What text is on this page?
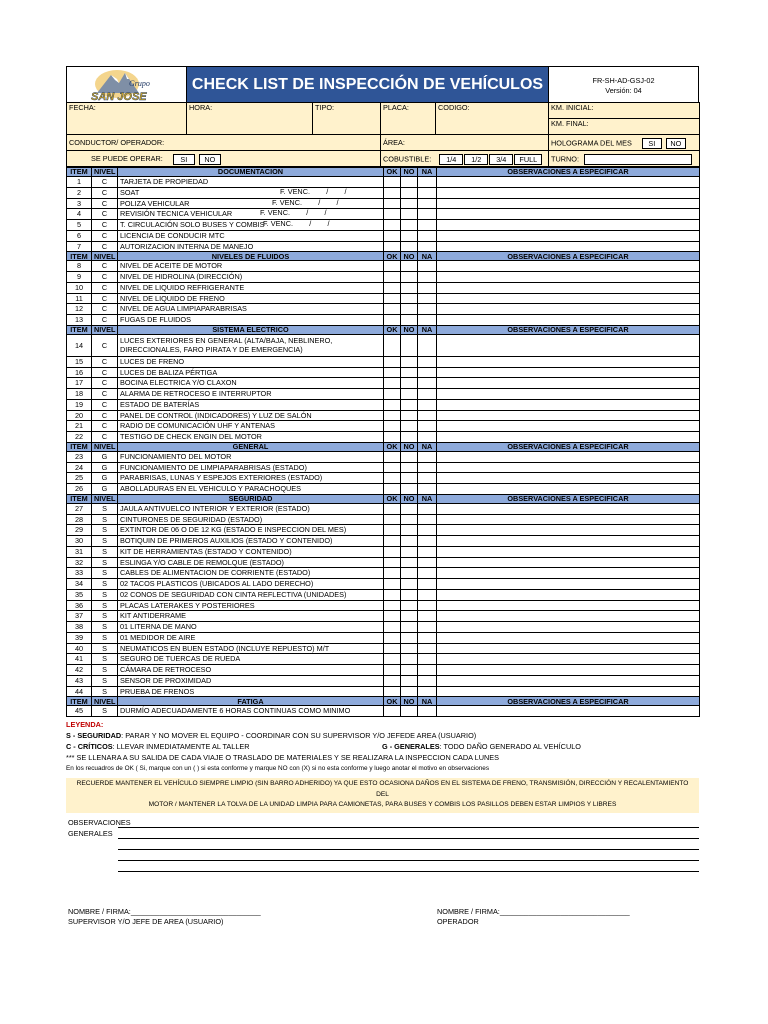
Grupo
SAN JOSE
CHECK LIST DE INSPECCIÓN DE VEHÍCULOS	FR-SH-AD-GSJ-02
Versión: 04
FECHA:	HORA:	TIPO:	PLACA:	CODIGO:	KM. INICIAL:
					KM. FINAL:
CONDUCTOR/ OPERADOR:			ÁREA:		HOLOGRAMA DEL MES SI NO
SE PUEDE OPERAR: SI NO			COBUSTIBLE: 1/4 1/2 3/4 FULL		TURNO:
ITEM	NIVEL	DOCUMENTACION	OK	NO	NA	OBSERVACIONES A ESPECIFICAR
1	C	TARJETA DE PROPIEDAD				
2	C	SOAT F. VENC.        /        /				

3	C	POLIZA VEHICULAR F. VENC.        /        /				

4	C	REVISIÓN TECNICA VEHICULAR F. VENC.        /        /				

5	C	T. CIRCULACIÓN SOLO BUSES Y COMBIS
F. VENC.        /        /				

6	C	LICENCIA DE CONDUCIR MTC				
7	C	AUTORIZACION INTERNA DE MANEJO				
ITEM	NIVEL	NIVELES DE FLUIDOS	OK	NO	NA	OBSERVACIONES A ESPECIFICAR
8	C	NIVEL DE ACEITE DE MOTOR				
9	C	NIVEL DE HIDROLINA (DIRECCIÓN)				
10	C	NIVEL DE LIQUIDO REFRIGERANTE				
11	C	NIVEL DE LIQUIDO DE FRENO				
12	C	NIVEL DE AGUA LIMPIAPARABRISAS				
13	C	FUGAS DE FLUIDOS				
ITEM	NIVEL	SISTEMA ELECTRICO	OK	NO	NA	OBSERVACIONES A ESPECIFICAR
14	C	LUCES EXTERIORES EN GENERAL (ALTA/BAJA, NEBLINERO, DIRECCIONALES, FARO PIRATA Y DE EMERGENCIA)				
15	C	LUCES DE FRENO				
16	C	LUCES DE BALIZA PÉRTIGA				
17	C	BOCINA ELECTRICA Y/O CLAXON				
18	C	ALARMA DE RETROCESO E INTERRUPTOR				
19	C	ESTADO DE BATERÍAS				
20	C	PANEL DE CONTROL (INDICADORES) Y LUZ DE SALÓN				
21	C	RADIO DE COMUNICACIÓN UHF Y ANTENAS				
22	C	TESTIGO DE CHECK ENGIN DEL MOTOR				
ITEM	NIVEL	GENERAL	OK	NO	NA	OBSERVACIONES A ESPECIFICAR
23	G	FUNCIONAMIENTO DEL MOTOR				
24	G	FUNCIONAMIENTO DE LIMPIAPARABRISAS (ESTADO)				
25	G	PARABRISAS, LUNAS Y ESPEJOS EXTERIORES (ESTADO)				
26	G	ABOLLADURAS EN EL VEHICULO Y PARACHOQUES				
ITEM	NIVEL	SEGURIDAD	OK	NO	NA	OBSERVACIONES A ESPECIFICAR
27	S	JAULA ANTIVUELCO INTERIOR Y EXTERIOR (ESTADO)				
28	S	CINTURONES DE SEGURIDAD (ESTADO)				
29	S	EXTINTOR DE 06 O DE 12 KG (ESTADO E INSPECCION DEL MES)				
30	S	BOTIQUIN DE PRIMEROS AUXILIOS (ESTADO Y CONTENIDO)				
31	S	KIT DE HERRAMIENTAS (ESTADO Y CONTENIDO)				
32	S	ESLINGA Y/O CABLE DE REMOLQUE (ESTADO)				
33	S	CABLES DE ALIMENTACION DE CORRIENTE (ESTADO)				
34	S	02 TACOS PLASTICOS (UBICADOS AL LADO DERECHO)				
35	S	02 CONOS DE SEGURIDAD CON CINTA REFLECTIVA (UNIDADES)				
36	S	PLACAS LATERAKES Y POSTERIORES				
37	S	KIT ANTIDERRAME				
38	S	01 LITERNA DE MANO				
39	S	01 MEDIDOR DE AIRE				
40	S	NEUMATICOS EN BUEN ESTADO (INCLUYE REPUESTO) M/T				
41	S	SEGURO DE TUERCAS DE RUEDA				
42	S	CÁMARA DE RETROCESO				
43	S	SENSOR DE PROXIMIDAD				
44	S	PRUEBA DE FRENOS				
ITEM	NIVEL	FATIGA	OK	NO	NA	OBSERVACIONES A ESPECIFICAR
45	S	DURMÍO ADECUADAMENTE 6 HORAS CONTINUAS COMO MINIMO				
LEYENDA:
S - SEGURIDAD: PARAR Y NO MOVER EL EQUIPO - COORDINAR CON SU SUPERVISOR Y/O JEFEDE AREA (USUARIO)
C - CRÍTICOS: LLEVAR INMEDIATAMENTE AL TALLER	G - GENERALES: TODO DAÑO GENERADO AL VEHÍCULO
*** SE LLENARA A SU SALIDA DE CADA VIAJE O TRASLADO DE MATERIALES Y SE REALIZARA LA INSPECCION CADA LUNES
En los recuadros de OK ( Si, marque con un ( ) si esta conforme y marque NO con (X) si no esta conforme y luego anotar el motivo en observaciones
RECUERDE MANTENER EL VEHÍCULO SIEMPRE LIMPIO (SIN BARRO ADHERIDO) YA QUE ESTO OCASIONA DAÑOS EN EL SISTEMA DE FRENO, TRANSMISIÓN, DIRECCIÓN Y RECALENTAMIENTO DEL
MOTOR / MANTENER LA TOLVA DE LA UNIDAD LIMPIA PARA CAMIONETAS, PARA BUSES Y COMBIS LOS PASILLOS DEBEN ESTAR LIMPIOS Y LIBRES
OBSERVACIONES
GENERALES
NOMBRE / FIRMA:________________________________
SUPERVISOR Y/O JEFE DE AREA (USUARIO)
NOMBRE / FIRMA:________________________________
OPERADOR
